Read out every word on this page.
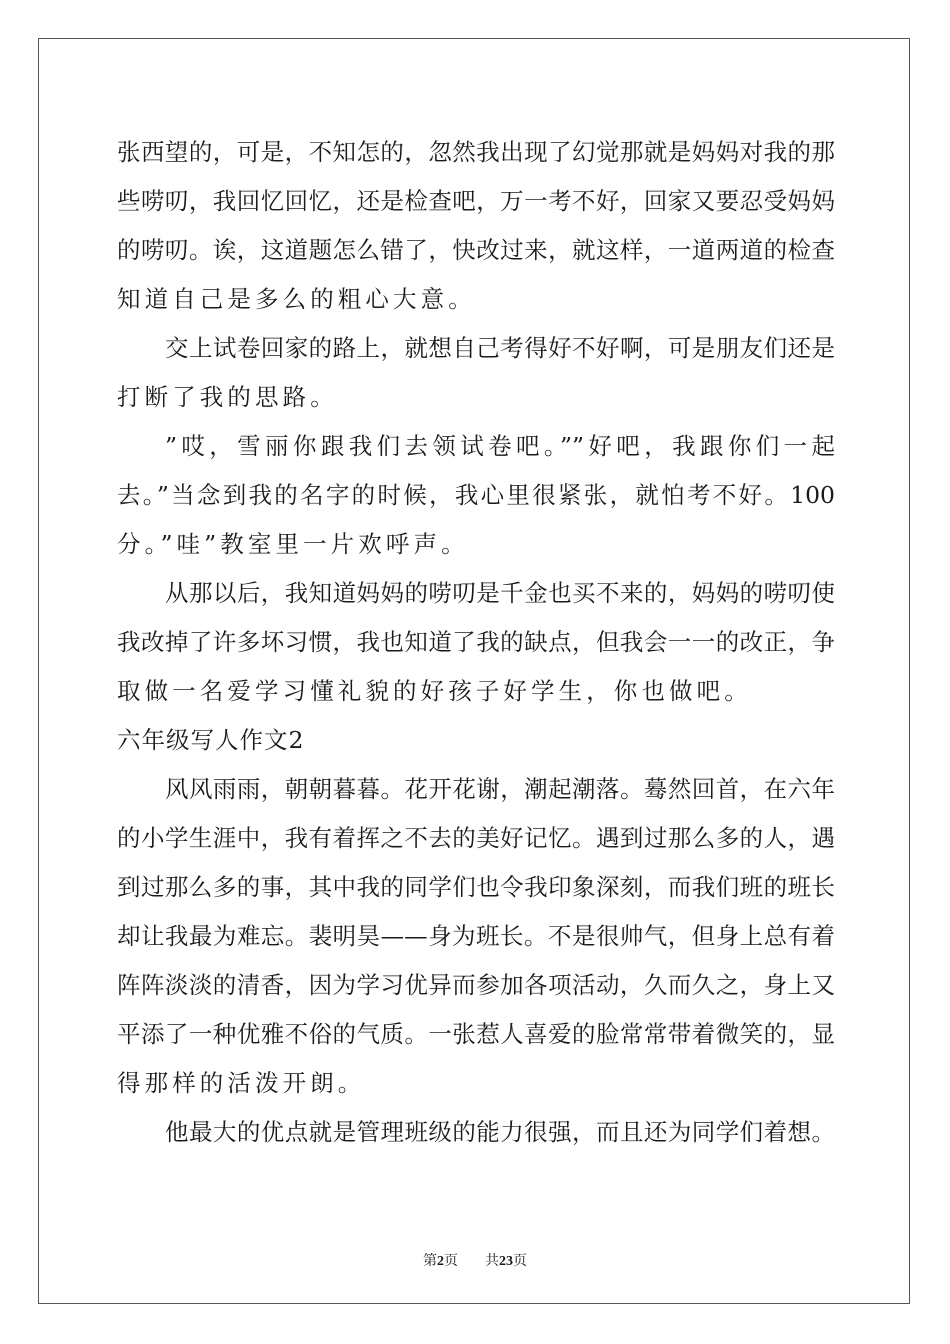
张西望的，可是，不知怎的，忽然我出现了幻觉那就是妈妈对我的那
些唠叨，我回忆回忆，还是检查吧，万一考不好，回家又要忍受妈妈
的唠叨。诶，这道题怎么错了，快改过来，就这样，一道两道的检查
知道自己是多么的粗心大意。
交上试卷回家的路上，就想自己考得好不好啊，可是朋友们还是
打断了我的思路。
”哎，雪丽你跟我们去领试卷吧。””好吧，我跟你们一起
去。”当念到我的名字的时候，我心里很紧张，就怕考不好。100
分。”哇”教室里一片欢呼声。
从那以后，我知道妈妈的唠叨是千金也买不来的，妈妈的唠叨使
我改掉了许多坏习惯，我也知道了我的缺点，但我会一一的改正，争
取做一名爱学习懂礼貌的好孩子好学生，你也做吧。
六年级写人作文2
风风雨雨，朝朝暮暮。花开花谢，潮起潮落。蓦然回首，在六年
的小学生涯中，我有着挥之不去的美好记忆。遇到过那么多的人，遇
到过那么多的事，其中我的同学们也令我印象深刻，而我们班的班长
却让我最为难忘。裴明昊——身为班长。不是很帅气，但身上总有着
阵阵淡淡的清香，因为学习优异而参加各项活动，久而久之，身上又
平添了一种优雅不俗的气质。一张惹人喜爱的脸常常带着微笑的，显
得那样的活泼开朗。
他最大的优点就是管理班级的能力很强，而且还为同学们着想。
第2页 共23页
